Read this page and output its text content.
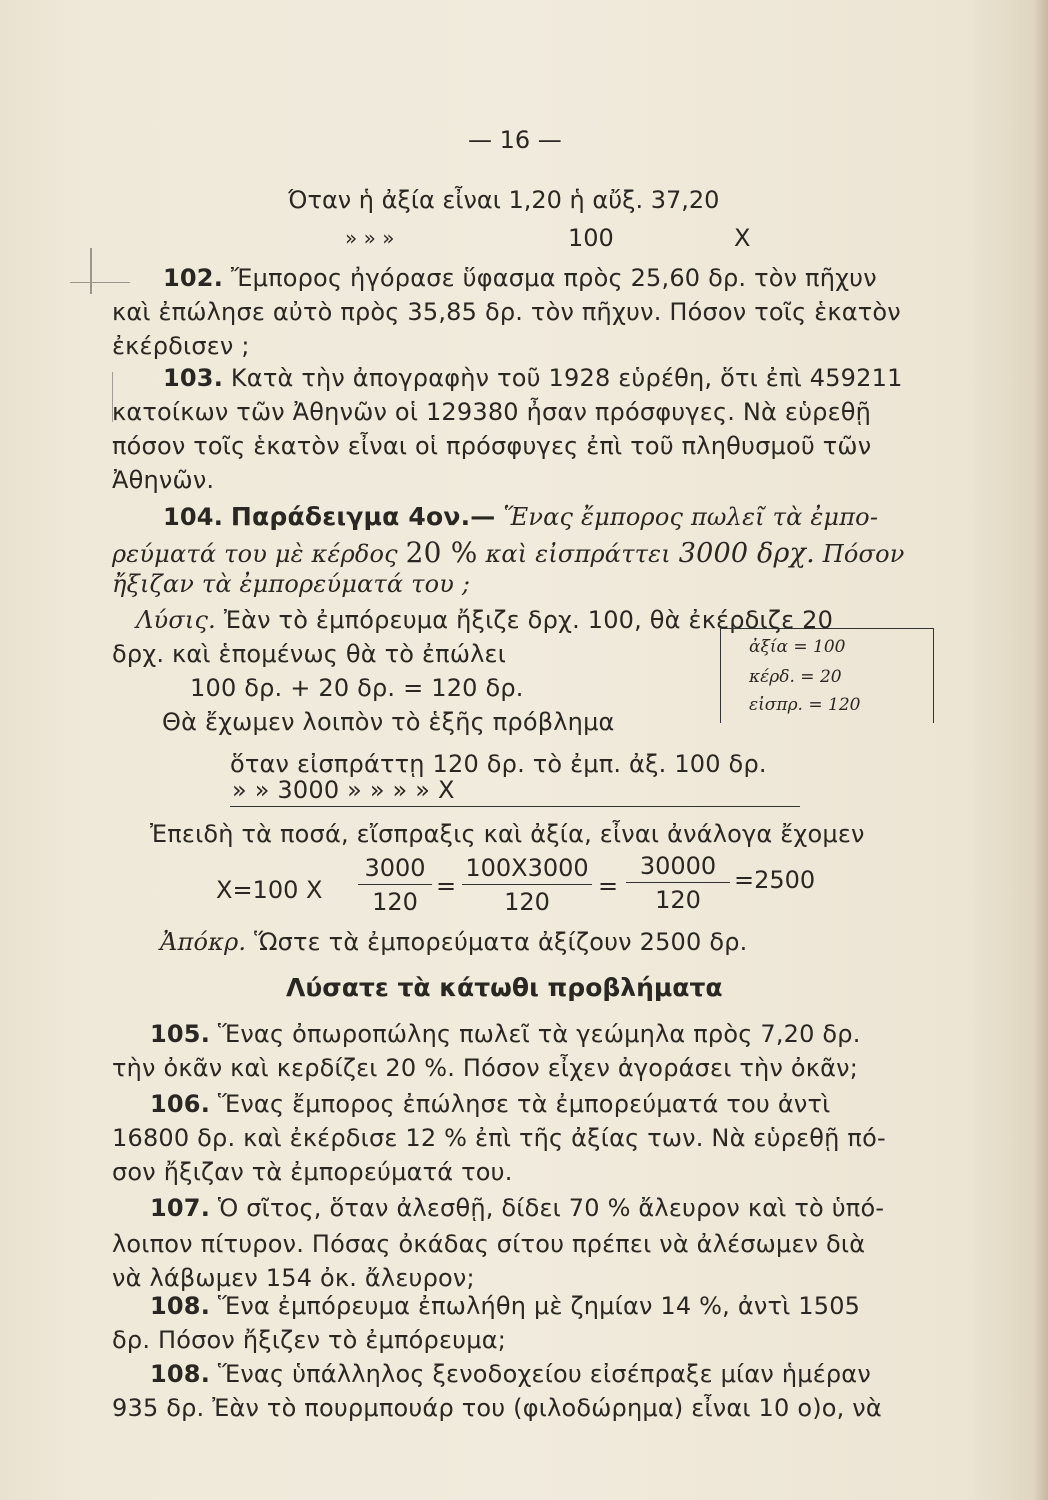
— 16 —
Όταν ἡ ἀξία εἶναι 1,20 ἡ αὔξ. 37,20
» » »	100	X
102. Ἔμπορος ἠγόρασε ὕφασμα πρὸς 25,60 δρ. τὸν πῆχυν
καὶ ἐπώλησε αὐτὸ πρὸς 35,85 δρ. τὸν πῆχυν. Πόσον τοῖς ἑκατὸν
ἐκέρδισεν ;
103. Κατὰ τὴν ἀπογραφὴν τοῦ 1928 εὑρέθη, ὅτι ἐπὶ 459211
κατοίκων τῶν Ἀθηνῶν οἱ 129380 ἦσαν πρόσφυγες. Νὰ εὑρεθῇ
πόσον τοῖς ἑκατὸν εἶναι οἱ πρόσφυγες ἐπὶ τοῦ πληθυσμοῦ τῶν
Ἀθηνῶν.
104. Παράδειγμα 4ον.— Ἕνας ἔμπορος πωλεῖ τὰ ἐμπο-
ρεύματά του μὲ κέρδος 20 % καὶ εἰσπράττει 3000 δρχ. Πόσον
ἤξιζαν τὰ ἐμπορεύματά του ;
Λύσις. Ἐὰν τὸ ἐμπόρευμα ἤξιζε δρχ. 100, θὰ ἐκέρδιζε 20
δρχ. καὶ ἑπομένως θὰ τὸ ἐπώλει
100 δρ. + 20 δρ. = 120 δρ.
Θὰ ἔχωμεν λοιπὸν τὸ ἑξῆς πρόβλημα
ἀξία = 100
κέρδ. = 20
εἰσπρ. = 120
ὅταν εἰσπράττῃ 120 δρ. τὸ ἐμπ. ἀξ. 100 δρ.
» » 3000 » » » » X
Ἐπειδὴ τὰ ποσά, εἴσπραξις καὶ ἀξία, εἶναι ἀνάλογα ἔχομεν
X=100 X
3000
120
=
100X3000
120
=
30000
120
=2500
Ἀπόκρ. Ὥστε τὰ ἐμπορεύματα ἀξίζουν 2500 δρ.
Λύσατε τὰ κάτωθι προβλήματα
105. Ἕνας ὀπωροπώλης πωλεῖ τὰ γεώμηλα πρὸς 7,20 δρ.
τὴν ὀκᾶν καὶ κερδίζει 20 %. Πόσον εἶχεν ἀγοράσει τὴν ὀκᾶν;
106. Ἕνας ἔμπορος ἐπώλησε τὰ ἐμπορεύματά του ἀντὶ
16800 δρ. καὶ ἐκέρδισε 12 % ἐπὶ τῆς ἀξίας των. Νὰ εὑρεθῇ πό-
σον ἤξιζαν τὰ ἐμπορεύματά του.
107. Ὁ σῖτος, ὅταν ἀλεσθῇ, δίδει 70 % ἄλευρον καὶ τὸ ὑπό-
λοιπον πίτυρον. Πόσας ὀκάδας σίτου πρέπει νὰ ἀλέσωμεν διὰ
νὰ λάβωμεν 154 ὀκ. ἄλευρον;
108. Ἕνα ἐμπόρευμα ἐπωλήθη μὲ ζημίαν 14 %, ἀντὶ 1505
δρ. Πόσον ἤξιζεν τὸ ἐμπόρευμα;
108. Ἕνας ὑπάλληλος ξενοδοχείου εἰσέπραξε μίαν ἡμέραν
935 δρ. Ἐὰν τὸ πουρμπουάρ του (φιλοδώρημα) εἶναι 10 ο)ο, νὰ
